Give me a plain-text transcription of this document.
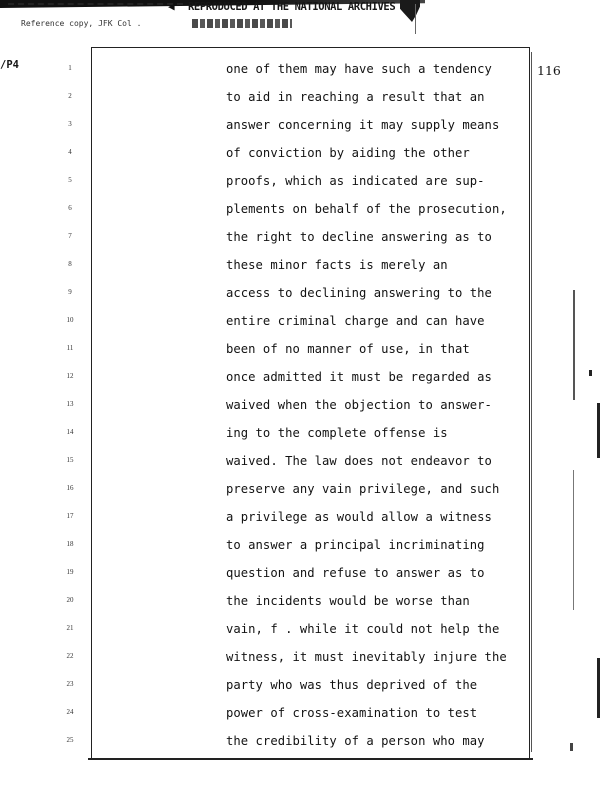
◀ REPRODUCED AT THE NATIONAL ARCHIVES
Reference copy, JFK Col .
/P4	116
1
2
3
4
5
6
7
8
9
10
11
12
13
14
15
16
17
18
19
20
21
22
23
24
25
one of them may have such a tendency
to aid in reaching a result that an
answer concerning it may supply means
of conviction by aiding the other
proofs, which as indicated are sup-
plements on behalf of the prosecution,
the right to decline answering as to
these minor facts is merely an
access to declining answering to the
entire criminal charge and can have
been of no manner of use, in that
once admitted it must be regarded as
waived when the objection to answer-
ing to the complete offense is
waived. The law does not endeavor to
preserve any vain privilege, and such
a privilege as would allow a witness
to answer a principal incriminating
question and refuse to answer as to
the incidents would be worse than
vain, f . while it could not help the
witness, it must inevitably injure the
party who was thus deprived of the
power of cross-examination to test
the credibility of a person who may
